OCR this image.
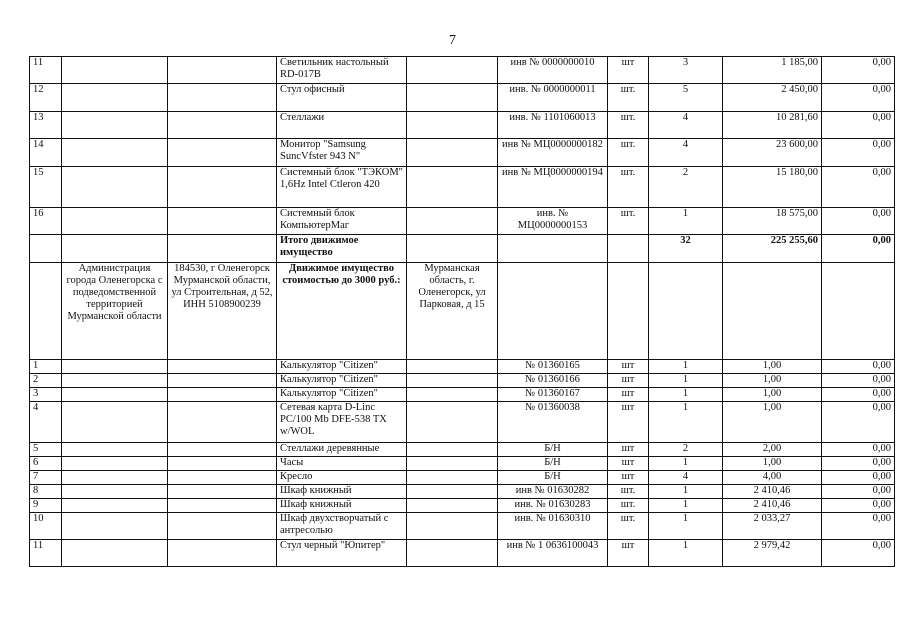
7
11			Светильник настольный RD-017B		инв № 0000000010	шт	3	1 185,00	0,00
12			Стул офисный		инв. № 0000000011	шт.	5	2 450,00	0,00
13			Стеллажи		инв. № 1101060013	шт.	4	10 281,60	0,00
14			Монитор "Samsung SuncVfster 943 N"		инв № МЦ0000000182	шт.	4	23 600,00	0,00
15			Системный блок "ТЭКОМ" 1,6Hz Intel Ctleron 420		инв № МЦ0000000194	шт.	2	15 180,00	0,00
16			Системный блок КомпьютерМаг		инв. № МЦ0000000153	шт.	1	18 575,00	0,00
			Итого движимое имущество				32	225 255,60	0,00
	Администрация города Оленегорска с подведомственной территорией Мурманской области	184530, г Оленегорск Мурманской области, ул Строительная, д 52, ИНН 5108900239	Движимое имущество стоимостью до 3000 руб.:	Мурманская область, г. Оленегорск, ул Парковая, д 15					
1			Калькулятор "Citizen"		№ 01360165	шт	1	1,00	0,00
2			Калькулятор "Citizen"		№ 01360166	шт	1	1,00	0,00
3			Калькулятор "Citizen"		№ 01360167	шт	1	1,00	0,00
4			Сетевая карта D-Linc PC/100 Mb DFE-538 TX w/WOL		№ 01360038	шт	1	1,00	0,00
5			Стеллажи деревянные		Б/Н	шт	2	2,00	0,00
6			Часы		Б/Н	шт	1	1,00	0,00
7			Кресло		Б/Н	шт	4	4,00	0,00
8			Шкаф книжный		инв № 01630282	шт.	1	2 410,46	0,00
9			Шкаф книжный		инв. № 01630283	шт.	1	2 410,46	0,00
10			Шкаф двухстворчатый с антресолью		инв. № 01630310	шт.	1	2 033,27	0,00
11			Стул черный "Юпитер"		инв № 1 0636100043	шт	1	2 979,42	0,00
